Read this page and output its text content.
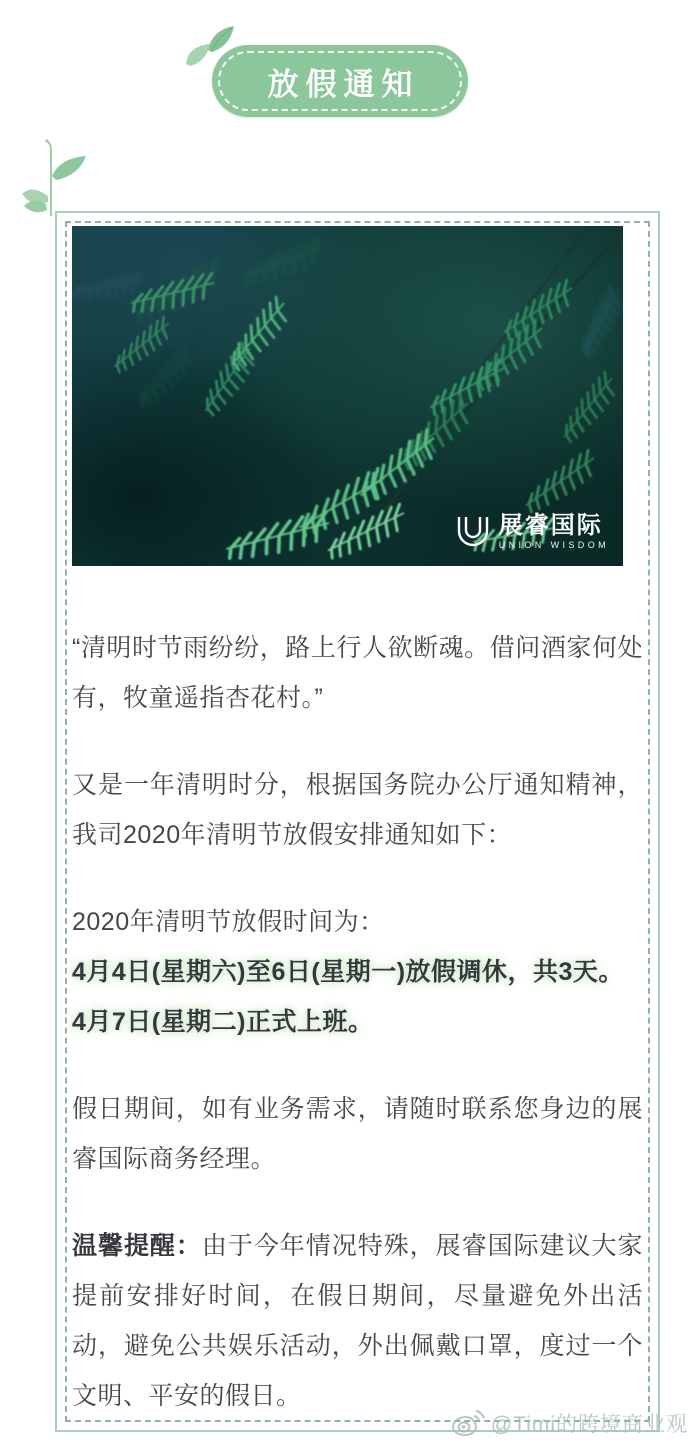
放假通知
展睿国际
UNION WISDOM

“清明时节雨纷纷，路上行人欲断魂。借问酒家何处有，牧童遥指杏花村。”

又是一年清明时分，根据国务院办公厅通知精神，我司2020年清明节放假安排通知如下：

2020年清明节放假时间为：
4月4日(星期六)至6日(星期一)放假调休，共3天。
4月7日(星期二)正式上班。

假日期间，如有业务需求，请随时联系您身边的展睿国际商务经理。

温馨提醒：由于今年情况特殊，展睿国际建议大家提前安排好时间，在假日期间，尽量避免外出活动，避免公共娱乐活动，外出佩戴口罩，度过一个文明、平安的假日。

@Timi的跨境商业观
